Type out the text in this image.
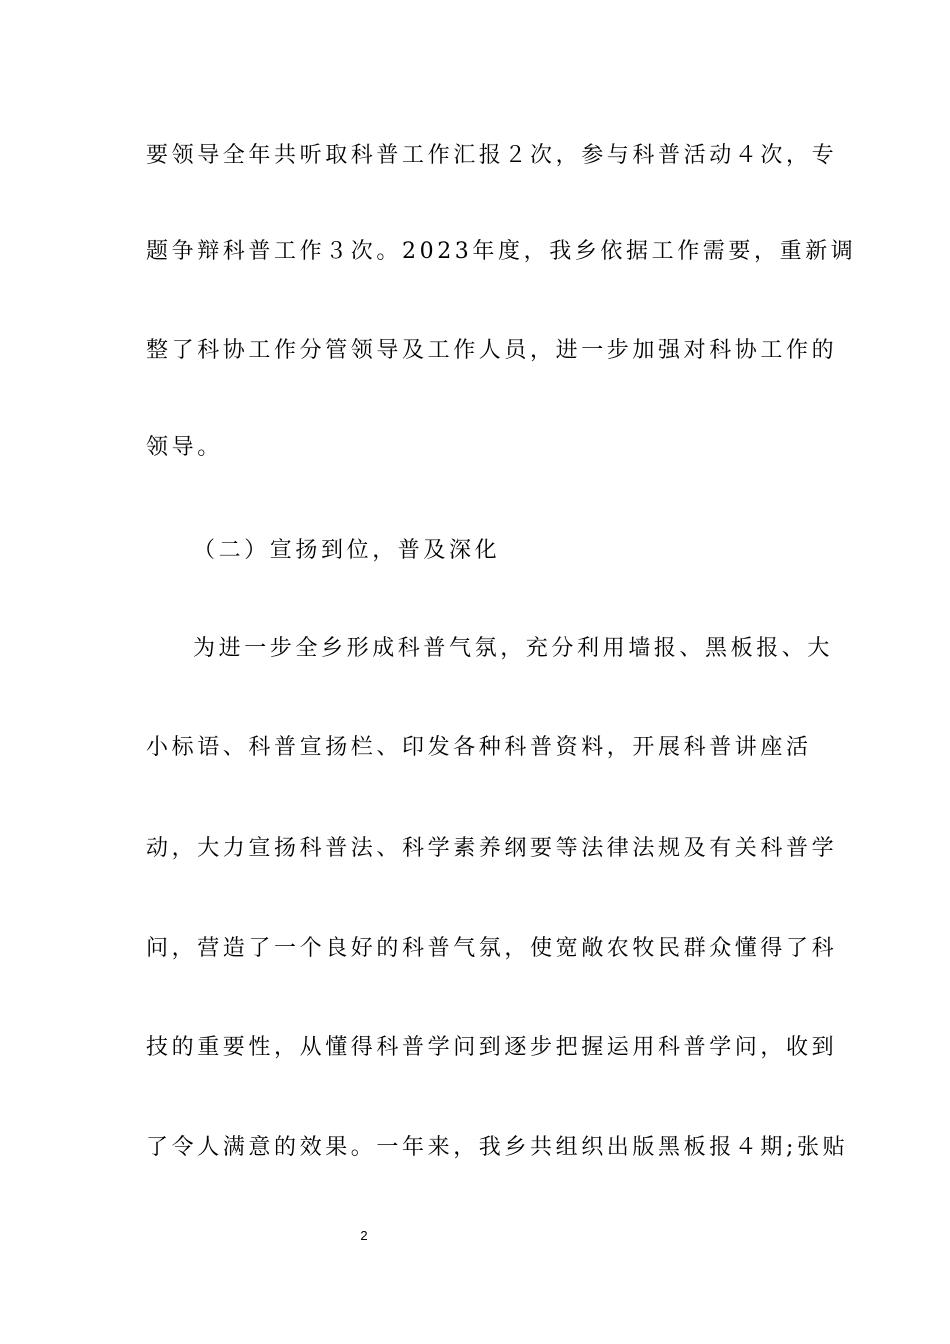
要领导全年共听取科普工作汇报２次，参与科普活动４次，专
题争辩科普工作３次。2023年度，我乡依据工作需要，重新调
整了科协工作分管领导及工作人员，进一步加强对科协工作的
领导。
（二）宣扬到位，普及深化
为进一步全乡形成科普气氛，充分利用墙报、黑板报、大
小标语、科普宣扬栏、印发各种科普资料，开展科普讲座活
动，大力宣扬科普法、科学素养纲要等法律法规及有关科普学
问，营造了一个良好的科普气氛，使宽敞农牧民群众懂得了科
技的重要性，从懂得科普学问到逐步把握运用科普学问，收到
了令人满意的效果。一年来，我乡共组织出版黑板报４期;张贴
2
